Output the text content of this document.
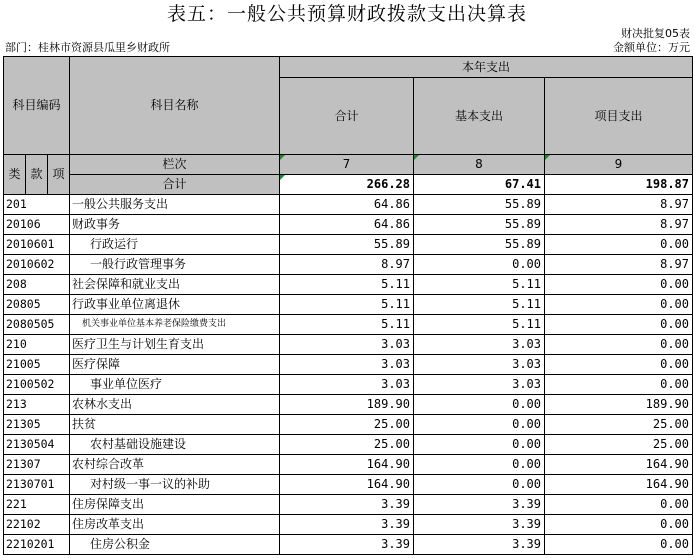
表五：一般公共预算财政拨款支出决算表
财决批复05表
部门：桂林市资源县瓜里乡财政所	金额单位：万元
科目编码			科目名称	本年支出		
				合计	基本支出	项目支出
类	款	项	栏次	7	8	9
			合计	266.28	67.41	198.87
201			一般公共服务支出	64.86	55.89	8.97
20106			财政事务	64.86	55.89	8.97
2010601			行政运行	55.89	55.89	0.00
2010602			一般行政管理事务	8.97	0.00	8.97
208			社会保障和就业支出	5.11	5.11	0.00
20805			行政事业单位离退休	5.11	5.11	0.00
2080505			机关事业单位基本养老保险缴费支出	5.11	5.11	0.00
210			医疗卫生与计划生育支出	3.03	3.03	0.00
21005			医疗保障	3.03	3.03	0.00
2100502			事业单位医疗	3.03	3.03	0.00
213			农林水支出	189.90	0.00	189.90
21305			扶贫	25.00	0.00	25.00
2130504			农村基础设施建设	25.00	0.00	25.00
21307			农村综合改革	164.90	0.00	164.90
2130701			对村级一事一议的补助	164.90	0.00	164.90
221			住房保障支出	3.39	3.39	0.00
22102			住房改革支出	3.39	3.39	0.00
2210201			住房公积金	3.39	3.39	0.00
